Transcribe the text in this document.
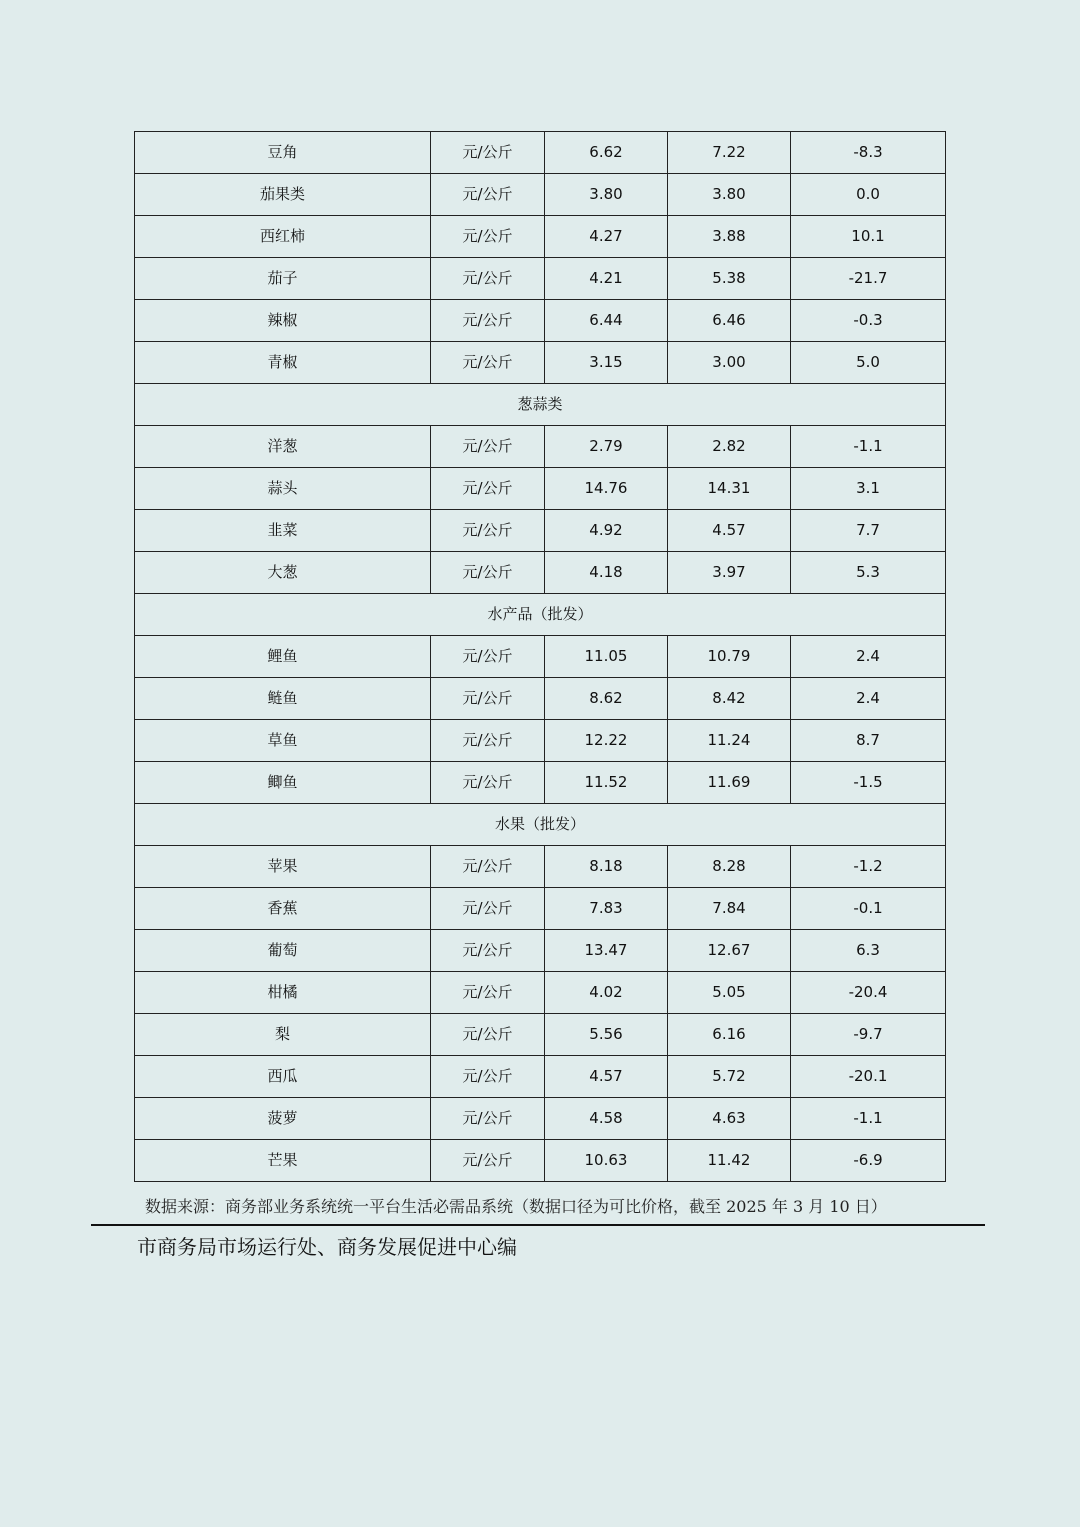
豆角	元/公斤	6.62	7.22	-8.3
茄果类	元/公斤	3.80	3.80	0.0
西红柿	元/公斤	4.27	3.88	10.1
茄子	元/公斤	4.21	5.38	-21.7
辣椒	元/公斤	6.44	6.46	-0.3
青椒	元/公斤	3.15	3.00	5.0
葱蒜类				
洋葱	元/公斤	2.79	2.82	-1.1
蒜头	元/公斤	14.76	14.31	3.1
韭菜	元/公斤	4.92	4.57	7.7
大葱	元/公斤	4.18	3.97	5.3
水产品（批发）				
鲤鱼	元/公斤	11.05	10.79	2.4
鲢鱼	元/公斤	8.62	8.42	2.4
草鱼	元/公斤	12.22	11.24	8.7
鲫鱼	元/公斤	11.52	11.69	-1.5
水果（批发）				
苹果	元/公斤	8.18	8.28	-1.2
香蕉	元/公斤	7.83	7.84	-0.1
葡萄	元/公斤	13.47	12.67	6.3
柑橘	元/公斤	4.02	5.05	-20.4
梨	元/公斤	5.56	6.16	-9.7
西瓜	元/公斤	4.57	5.72	-20.1
菠萝	元/公斤	4.58	4.63	-1.1
芒果	元/公斤	10.63	11.42	-6.9
数据来源：商务部业务系统统一平台生活必需品系统（数据口径为可比价格，截至 2025 年 3 月 10 日）
市商务局市场运行处、商务发展促进中心编
